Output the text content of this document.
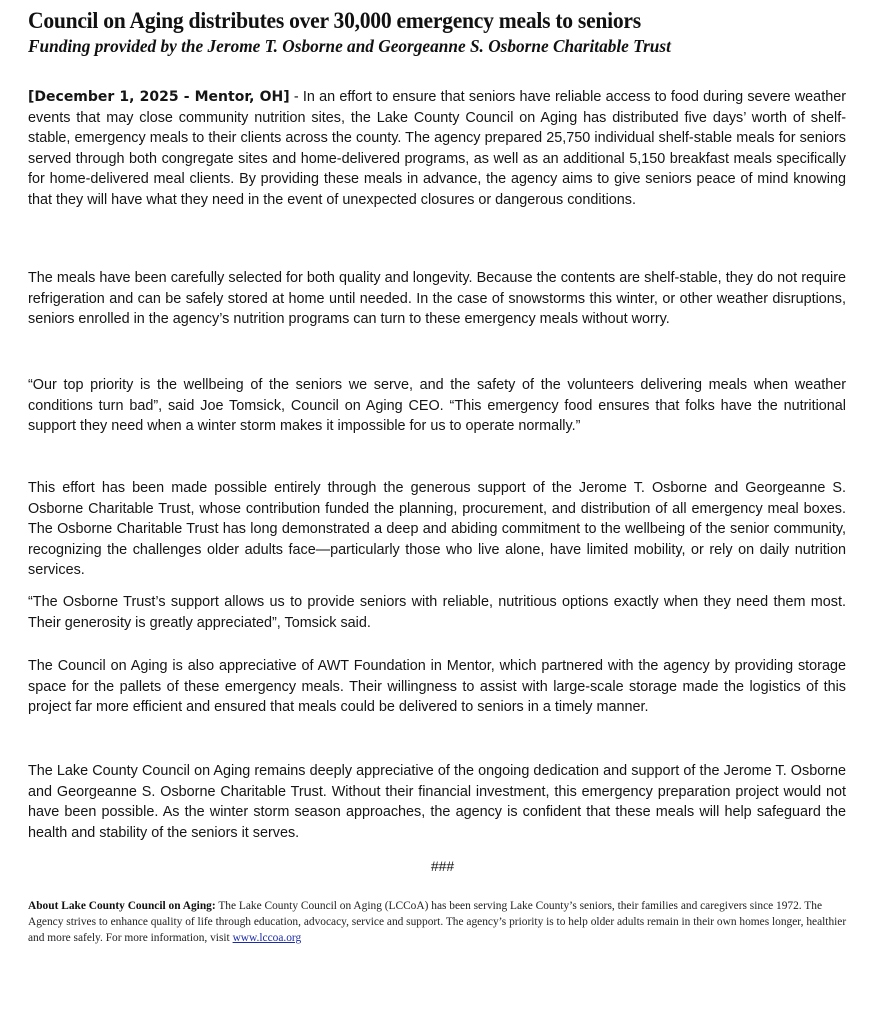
Council on Aging distributes over 30,000 emergency meals to seniors
Funding provided by the Jerome T. Osborne and Georgeanne S. Osborne Charitable Trust
[December 1, 2025 - Mentor, OH] - In an effort to ensure that seniors have reliable access to food during severe weather events that may close community nutrition sites, the Lake County Council on Aging has distributed five days’ worth of shelf-stable, emergency meals to their clients across the county. The agency prepared 25,750 individual shelf-stable meals for seniors served through both congregate sites and home-delivered programs, as well as an additional 5,150 breakfast meals specifically for home-delivered meal clients. By providing these meals in advance, the agency aims to give seniors peace of mind knowing that they will have what they need in the event of unexpected closures or dangerous conditions.
The meals have been carefully selected for both quality and longevity. Because the contents are shelf-stable, they do not require refrigeration and can be safely stored at home until needed. In the case of snowstorms this winter, or other weather disruptions, seniors enrolled in the agency’s nutrition programs can turn to these emergency meals without worry.
“Our top priority is the wellbeing of the seniors we serve, and the safety of the volunteers delivering meals when weather conditions turn bad”, said Joe Tomsick, Council on Aging CEO. “This emergency food ensures that folks have the nutritional support they need when a winter storm makes it impossible for us to operate normally.”
This effort has been made possible entirely through the generous support of the Jerome T. Osborne and Georgeanne S. Osborne Charitable Trust, whose contribution funded the planning, procurement, and distribution of all emergency meal boxes. The Osborne Charitable Trust has long demonstrated a deep and abiding commitment to the wellbeing of the senior community, recognizing the challenges older adults face—particularly those who live alone, have limited mobility, or rely on daily nutrition services.
“The Osborne Trust’s support allows us to provide seniors with reliable, nutritious options exactly when they need them most. Their generosity is greatly appreciated”, Tomsick said.
The Council on Aging is also appreciative of AWT Foundation in Mentor, which partnered with the agency by providing storage space for the pallets of these emergency meals. Their willingness to assist with large-scale storage made the logistics of this project far more efficient and ensured that meals could be delivered to seniors in a timely manner.
The Lake County Council on Aging remains deeply appreciative of the ongoing dedication and support of the Jerome T. Osborne and Georgeanne S. Osborne Charitable Trust. Without their financial investment, this emergency preparation project would not have been possible. As the winter storm season approaches, the agency is confident that these meals will help safeguard the health and stability of the seniors it serves.
###
About Lake County Council on Aging: The Lake County Council on Aging (LCCoA) has been serving Lake County’s seniors, their families and caregivers since 1972. The Agency strives to enhance quality of life through education, advocacy, service and support. The agency’s priority is to help older adults remain in their own homes longer, healthier and more safely. For more information, visit www.lccoa.org
